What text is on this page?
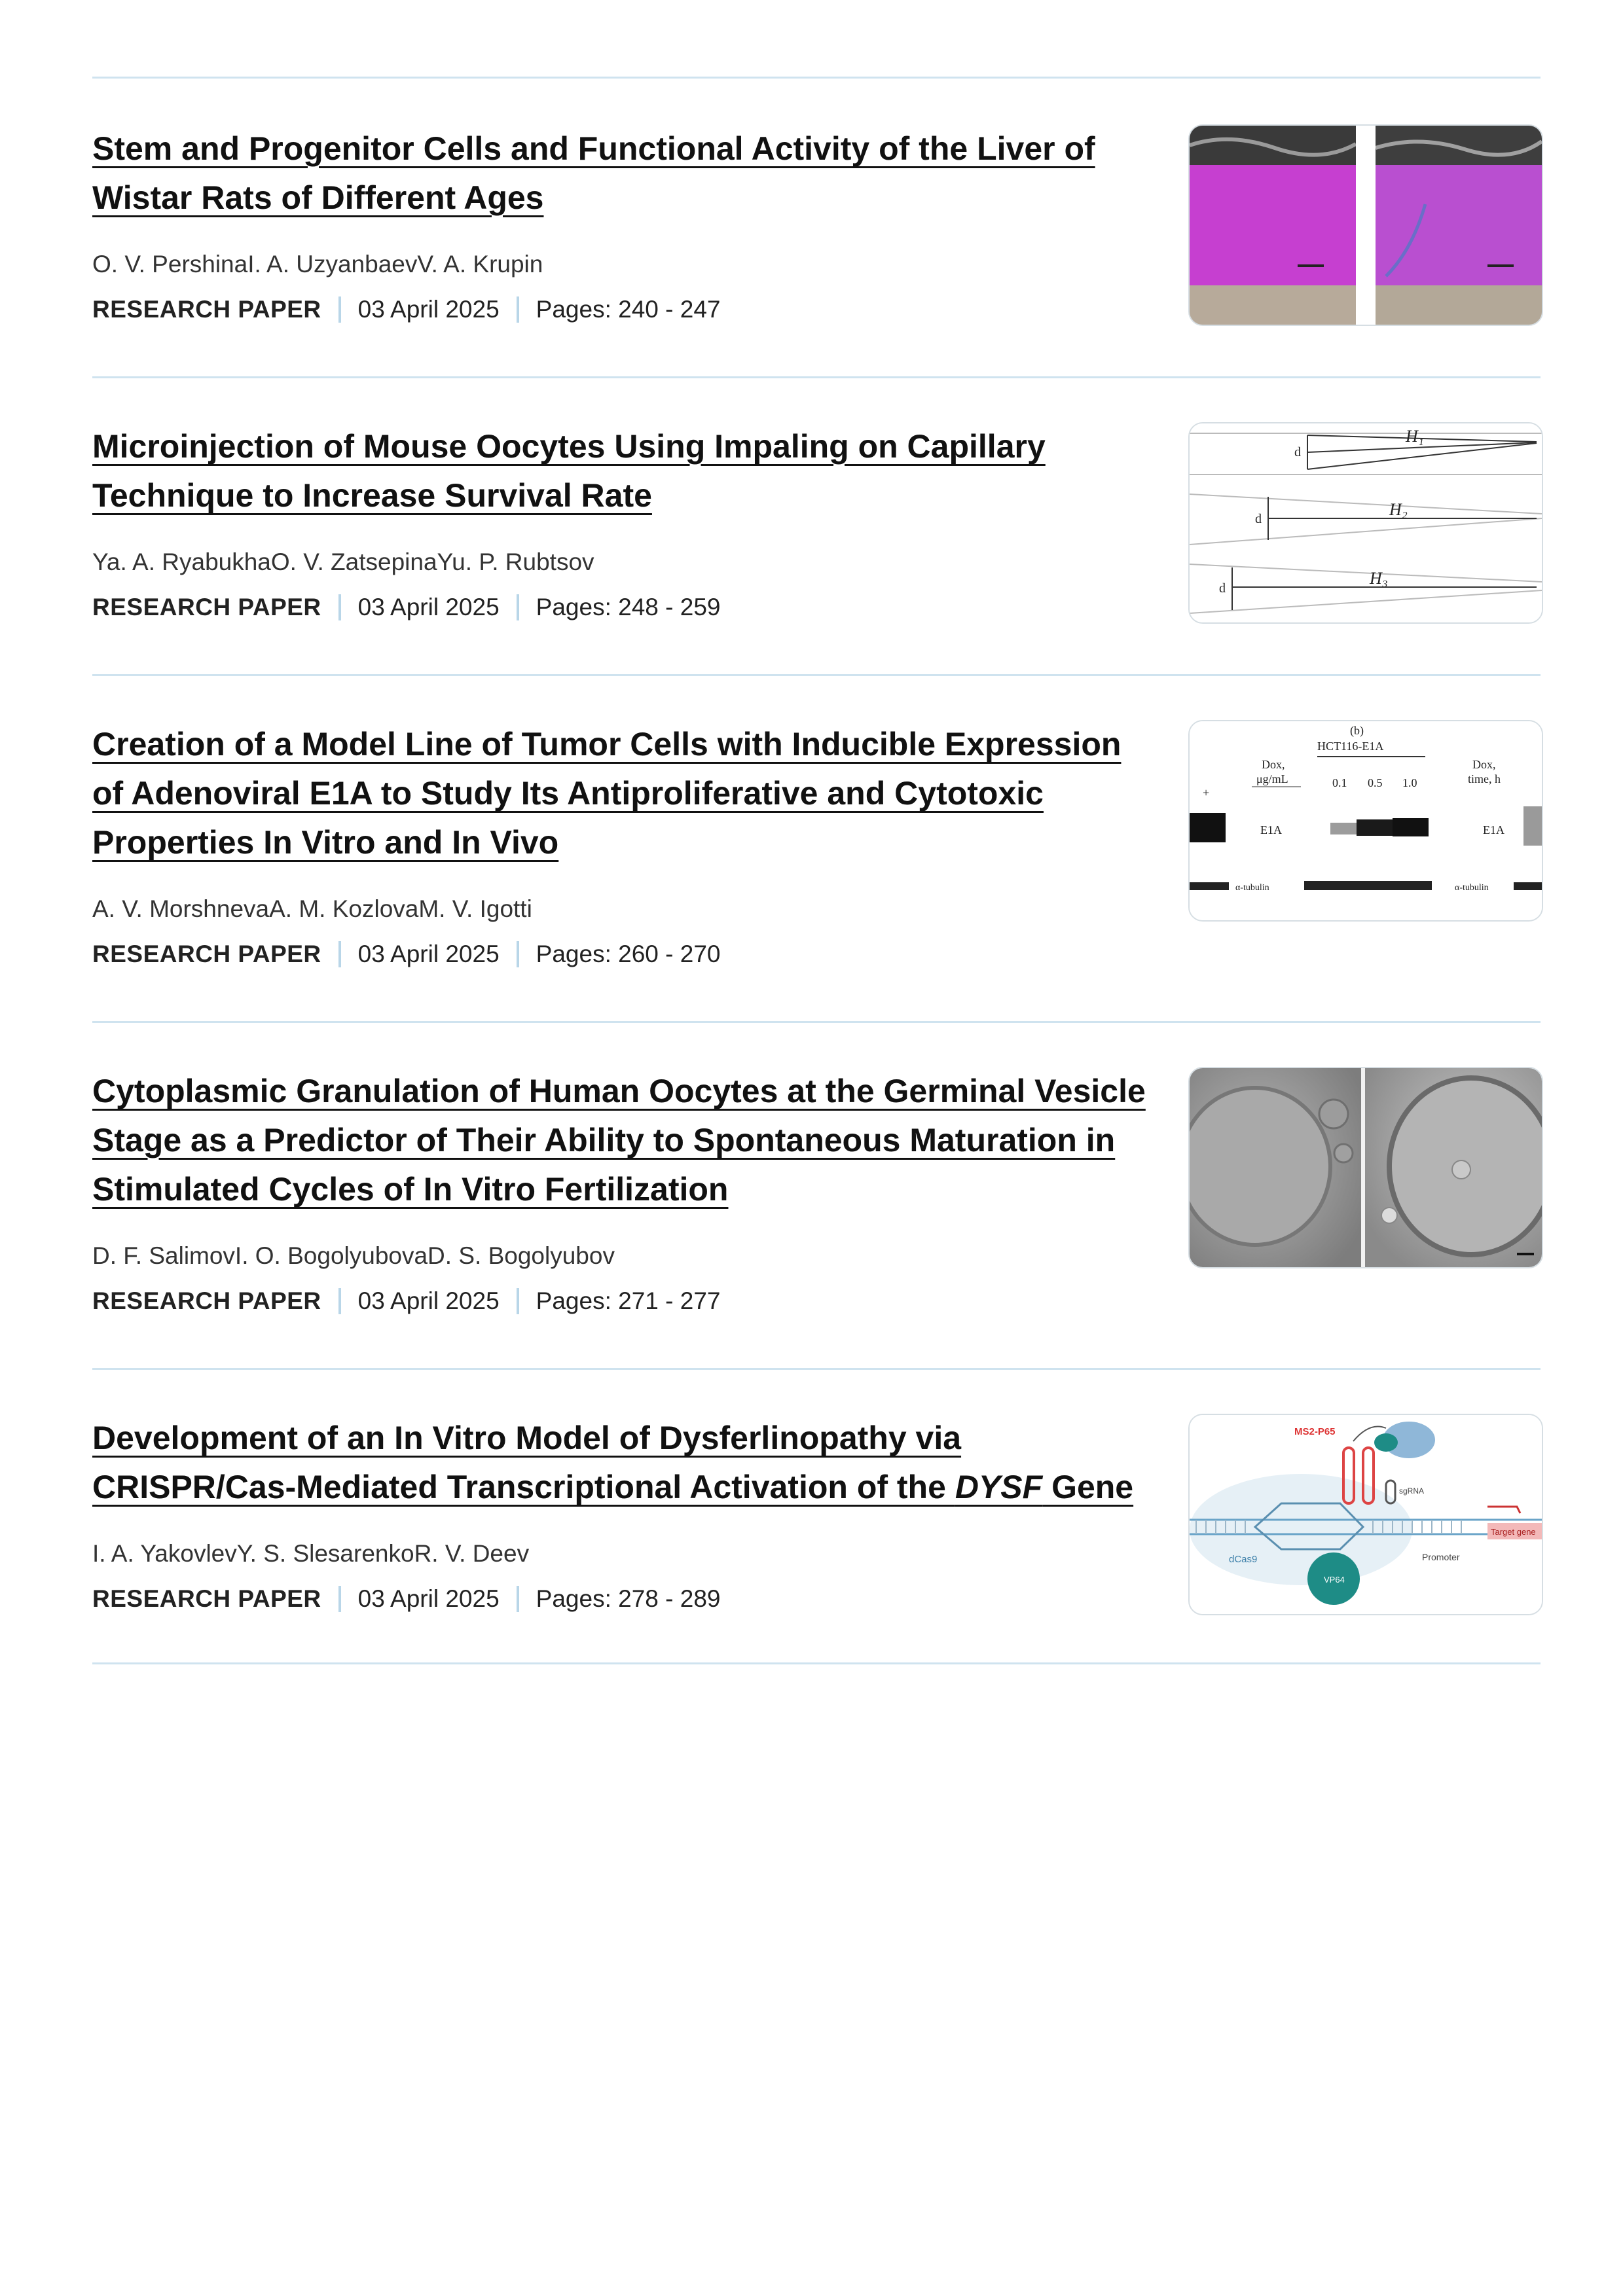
Stem and Progenitor Cells and Functional Activity of the Liver of
Wistar Rats of Different Ages
O. V. PershinaI. A. UzyanbaevV. A. Krupin
RESEARCH PAPER 03 April 2025 Pages: 240 - 247
Microinjection of Mouse Oocytes Using Impaling on Capillary
Technique to Increase Survival Rate
Ya. A. RyabukhaO. V. ZatsepinaYu. P. Rubtsov
RESEARCH PAPER 03 April 2025 Pages: 248 - 259
d
d
d
H₁
H₂
H₃
Creation of a Model Line of Tumor Cells with Inducible Expression
of Adenoviral E1A to Study Its Antiproliferative and Cytotoxic
Properties In Vitro and In Vivo
A. V. MorshnevaA. M. KozlovaM. V. Igotti
RESEARCH PAPER 03 April 2025 Pages: 260 - 270
(b)
HCT116-E1A
Dox,
μg/mL
Dox,
time, h
0.1 0.5 1.0
+
E1A	E1A
α-tubulin	α-tubulin
Cytoplasmic Granulation of Human Oocytes at the Germinal Vesicle
Stage as a Predictor of Their Ability to Spontaneous Maturation in
Stimulated Cycles of In Vitro Fertilization
D. F. SalimovI. O. BogolyubovaD. S. Bogolyubov
RESEARCH PAPER 03 April 2025 Pages: 271 - 277
Development of an In Vitro Model of Dysferlinopathy via
CRISPR/Cas-Mediated Transcriptional Activation of the DYSF Gene
I. A. YakovlevY. S. SlesarenkoR. V. Deev
RESEARCH PAPER 03 April 2025 Pages: 278 - 289
MS2-P65
dCas9
VP64
sgRNA
Promoter
Target gene
